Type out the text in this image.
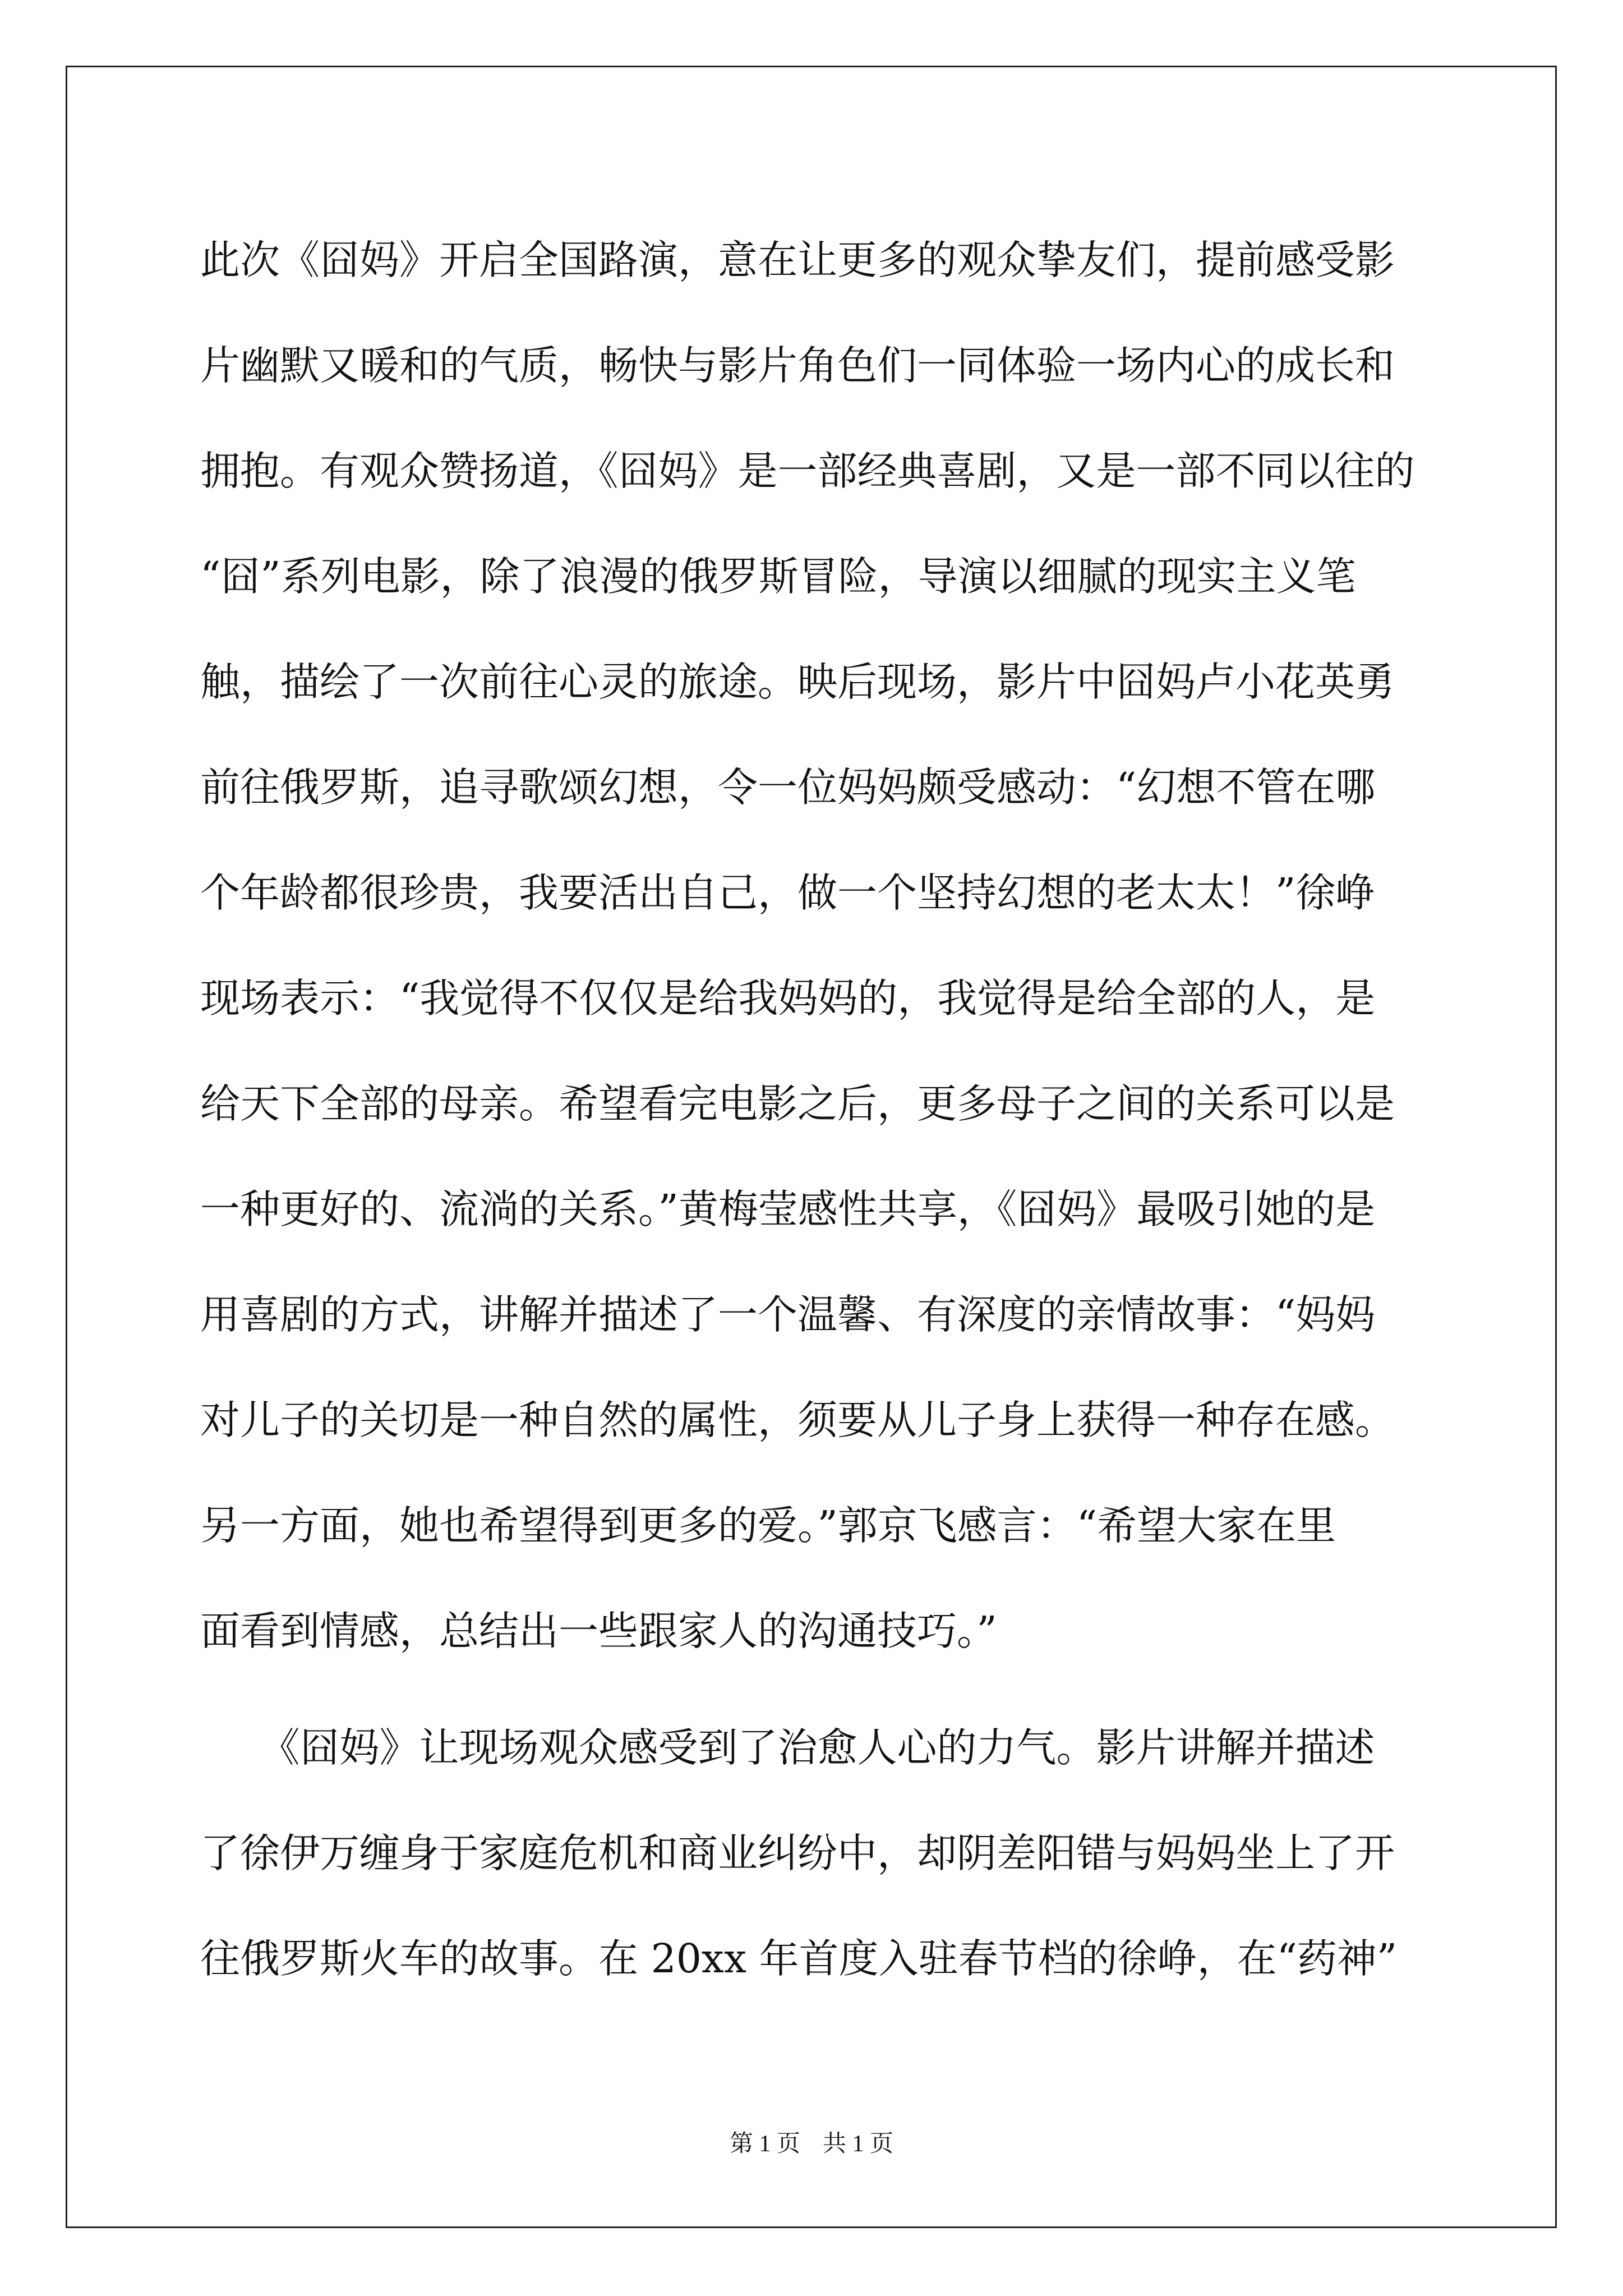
此次《囧妈》开启全国路演，意在让更多的观众挚友们，提前感受影
片幽默又暖和的气质，畅快与影片角色们一同体验一场内心的成长和
拥抱。有观众赞扬道，《囧妈》是一部经典喜剧，又是一部不同以往的
“囧”系列电影，除了浪漫的俄罗斯冒险，导演以细腻的现实主义笔
触，描绘了一次前往心灵的旅途。映后现场，影片中囧妈卢小花英勇
前往俄罗斯，追寻歌颂幻想，令一位妈妈颇受感动：“幻想不管在哪
个年龄都很珍贵，我要活出自己，做一个坚持幻想的老太太！”徐峥
现场表示：“我觉得不仅仅是给我妈妈的，我觉得是给全部的人，是
给天下全部的母亲。希望看完电影之后，更多母子之间的关系可以是
一种更好的、流淌的关系。”黄梅莹感性共享，《囧妈》最吸引她的是
用喜剧的方式，讲解并描述了一个温馨、有深度的亲情故事：“妈妈
对儿子的关切是一种自然的属性，须要从儿子身上获得一种存在感。
另一方面，她也希望得到更多的爱。”郭京飞感言：“希望大家在里
面看到情感，总结出一些跟家人的沟通技巧。”
　　《囧妈》让现场观众感受到了治愈人心的力气。影片讲解并描述
了徐伊万缠身于家庭危机和商业纠纷中，却阴差阳错与妈妈坐上了开
往俄罗斯火车的故事。在 20xx 年首度入驻春节档的徐峥，在“药神”
第 1 页 共 1 页
